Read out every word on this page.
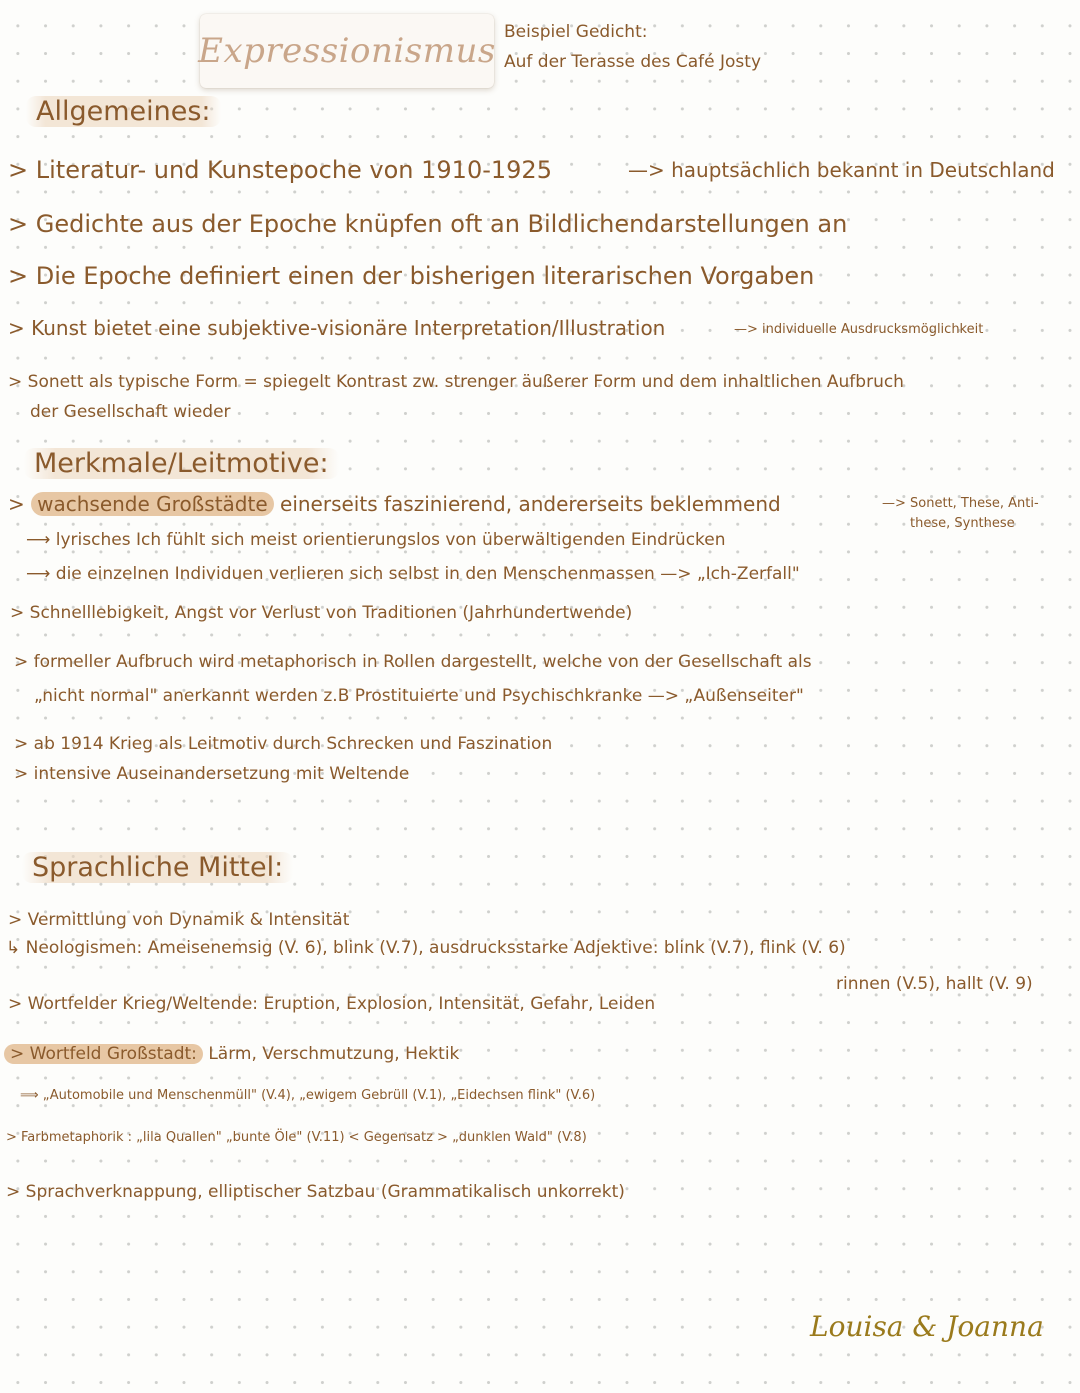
Expressionismus Beispiel Gedicht:
Auf der Terasse des Café Josty
Allgemeines:
> Literatur- und Kunstepoche von 1910-1925	—> hauptsächlich bekannt in Deutschland
> Gedichte aus der Epoche knüpfen oft an Bildlichendarstellungen an
> Die Epoche definiert einen der bisherigen literarischen Vorgaben
> Kunst bietet eine subjektive-visionäre Interpretation/Illustration	—> individuelle Ausdrucksmöglichkeit
> Sonett als typische Form = spiegelt Kontrast zw. strenger äußerer Form und dem inhaltlichen Aufbruch
der Gesellschaft wieder
Merkmale/Leitmotive:
> wachsende Großstädte einerseits faszinierend, andererseits beklemmend	—> Sonett, These, Anti-
these, Synthese
⟶ lyrisches Ich fühlt sich meist orientierungslos von überwältigenden Eindrücken
⟶ die einzelnen Individuen verlieren sich selbst in den Menschenmassen —> „Ich-Zerfall"
> Schnelllebigkeit, Angst vor Verlust von Traditionen (Jahrhundertwende)
> formeller Aufbruch wird metaphorisch in Rollen dargestellt, welche von der Gesellschaft als
„nicht normal" anerkannt werden z.B Prostituierte und Psychischkranke —> „Außenseiter"
> ab 1914 Krieg als Leitmotiv durch Schrecken und Faszination
> intensive Auseinandersetzung mit Weltende
Sprachliche Mittel:
> Vermittlung von Dynamik & Intensität
↳ Neologismen: Ameisenemsig (V. 6), blink (V.7), ausdrucksstarke Adjektive: blink (V.7), flink (V. 6)
rinnen (V.5), hallt (V. 9)
> Wortfelder Krieg/Weltende: Eruption, Explosion, Intensität, Gefahr, Leiden
> Wortfeld Großstadt: Lärm, Verschmutzung, Hektik
⟹ „Automobile und Menschenmüll" (V.4), „ewigem Gebrüll (V.1), „Eidechsen flink" (V.6)
> Farbmetaphorik : „lila Quallen" „bunte Öle" (V.11) < Gegensatz > „dunklen Wald" (V.8)
> Sprachverknappung, elliptischer Satzbau (Grammatikalisch unkorrekt)
Louisa & Joanna
